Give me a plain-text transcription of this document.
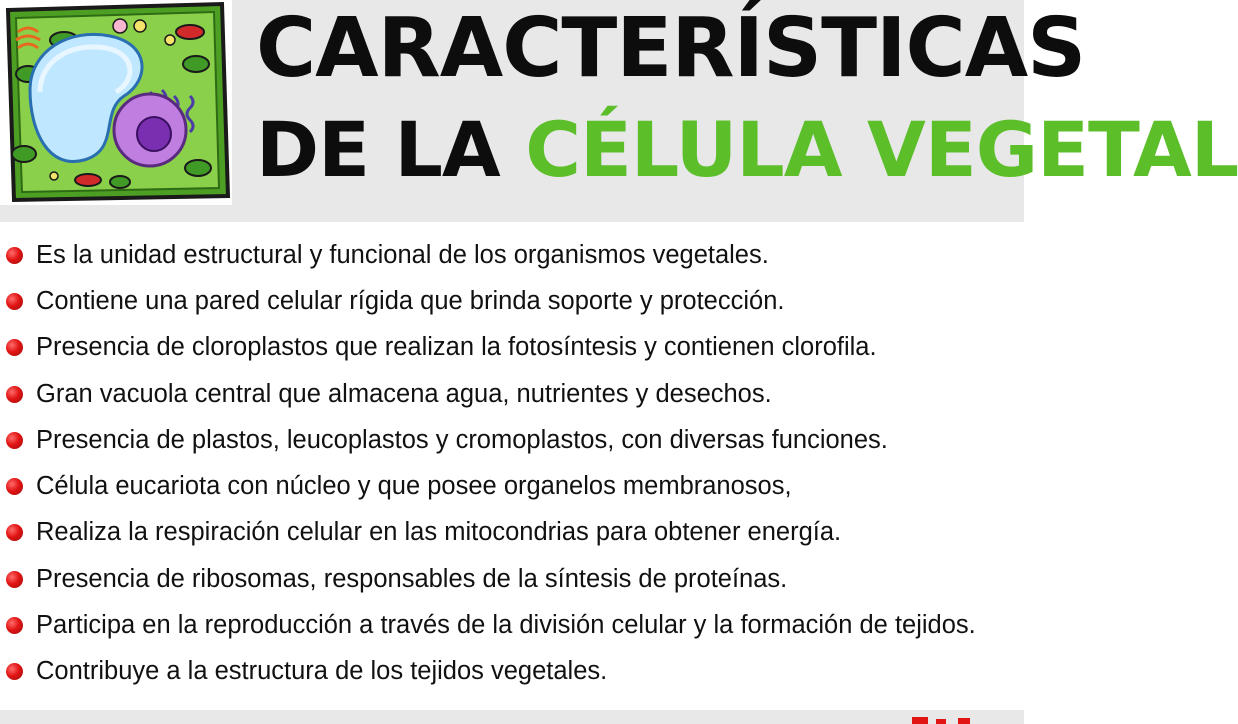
CARACTERÍSTICAS
DE LA CÉLULA VEGETAL
Es la unidad estructural y funcional de los organismos vegetales.
Contiene una pared celular rígida que brinda soporte y protección.
Presencia de cloroplastos que realizan la fotosíntesis y contienen clorofila.
Gran vacuola central que almacena agua, nutrientes y desechos.
Presencia de plastos, leucoplastos y cromoplastos, con diversas funciones.
Célula eucariota con núcleo y que posee organelos membranosos,
Realiza la respiración celular en las mitocondrias para obtener energía.
Presencia de ribosomas, responsables de la síntesis de proteínas.
Participa en la reproducción a través de la división celular y la formación de tejidos.
Contribuye a la estructura de los tejidos vegetales.
